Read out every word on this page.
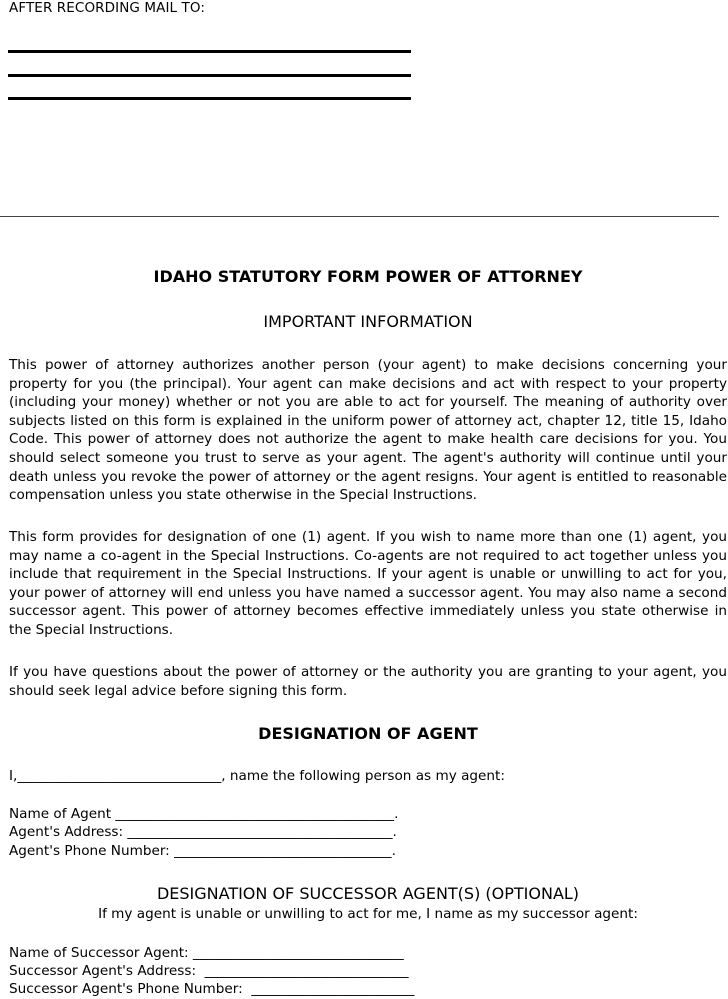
AFTER RECORDING MAIL TO:
IDAHO STATUTORY FORM POWER OF ATTORNEY
IMPORTANT INFORMATION
This power of attorney authorizes another person (your agent) to make decisions concerning your property for you (the principal). Your agent can make decisions and act with respect to your property (including your money) whether or not you are able to act for yourself. The meaning of authority over subjects listed on this form is explained in the uniform power of attorney act, chapter 12, title 15, Idaho Code. This power of attorney does not authorize the agent to make health care decisions for you. You should select someone you trust to serve as your agent. The agent's authority will continue until your death unless you revoke the power of attorney or the agent resigns. Your agent is entitled to reasonable compensation unless you state otherwise in the Special Instructions.
This form provides for designation of one (1) agent. If you wish to name more than one (1) agent, you may name a co-agent in the Special Instructions. Co-agents are not required to act together unless you include that requirement in the Special Instructions. If your agent is unable or unwilling to act for you, your power of attorney will end unless you have named a successor agent. You may also name a second successor agent. This power of attorney becomes effective immediately unless you state otherwise in the Special Instructions.
If you have questions about the power of attorney or the authority you are granting to your agent, you should seek legal advice before signing this form.
DESIGNATION OF AGENT
I,______________________________, name the following person as my agent:
Name of Agent _________________________________________.
Agent's Address: _______________________________________.
Agent's Phone Number: ________________________________.
DESIGNATION OF SUCCESSOR AGENT(S) (OPTIONAL)
If my agent is unable or unwilling to act for me, I name as my successor agent:
Name of Successor Agent: _______________________________
Successor Agent's Address:  ______________________________
Successor Agent's Phone Number:  ________________________
